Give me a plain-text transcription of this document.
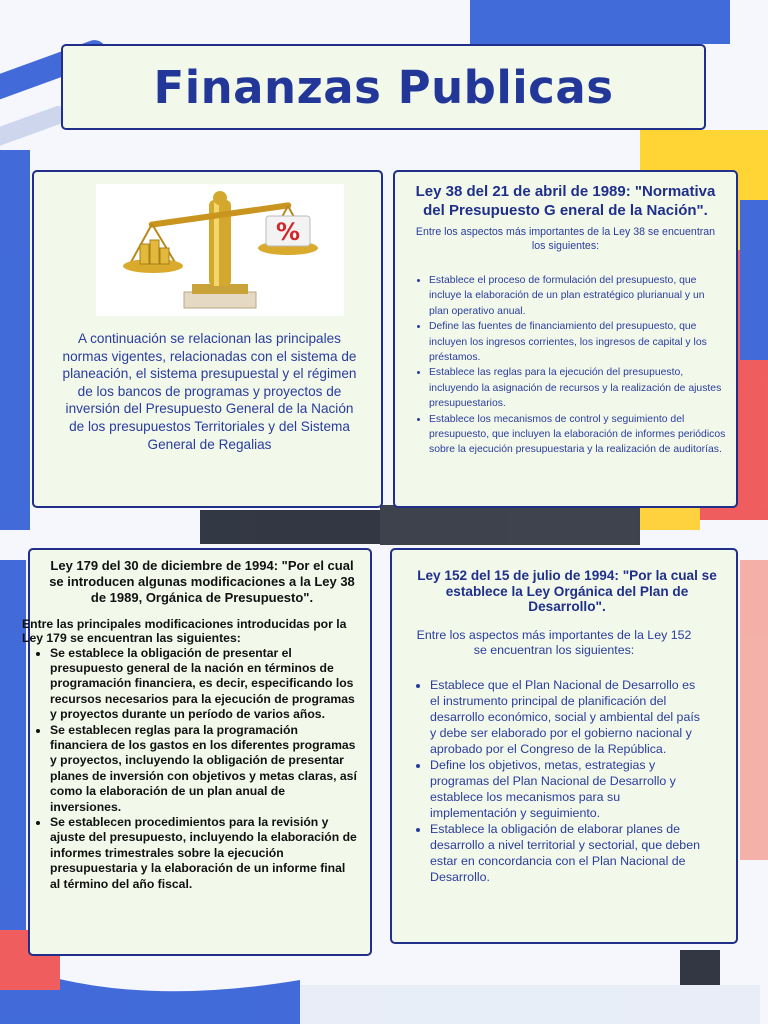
Finanzas Publicas
%
A continuación se relacionan las principales normas vigentes, relacionadas con el sistema de planeación, el sistema presupuestal y el régimen de los bancos de programas y proyectos de inversión del Presupuesto General de la Nación de los presupuestos Territoriales y del Sistema General de Regalias

Ley 38 del 21 de abril de 1989: "Normativa del Presupuesto G eneral de la Nación".

Entre los aspectos más importantes de la Ley 38 se encuentran los siguientes:

• Establece el proceso de formulación del presupuesto, que incluye la elaboración de un plan estratégico plurianual y un plan operativo anual.
• Define las fuentes de financiamiento del presupuesto, que incluyen los ingresos corrientes, los ingresos de capital y los préstamos.
• Establece las reglas para la ejecución del presupuesto, incluyendo la asignación de recursos y la realización de ajustes presupuestarios.
• Establece los mecanismos de control y seguimiento del presupuesto, que incluyen la elaboración de informes periódicos sobre la ejecución presupuestaria y la realización de auditorías.

Ley 179 del 30 de diciembre de 1994: "Por el cual se introducen algunas modificaciones a la Ley 38 de 1989, Orgánica de Presupuesto".

Entre las principales modificaciones introducidas por la Ley 179 se encuentran las siguientes:

• Se establece la obligación de presentar el presupuesto general de la nación en términos de programación financiera, es decir, especificando los recursos necesarios para la ejecución de programas y proyectos durante un período de varios años.
• Se establecen reglas para la programación financiera de los gastos en los diferentes programas y proyectos, incluyendo la obligación de presentar planes de inversión con objetivos y metas claras, así como la elaboración de un plan anual de inversiones.
• Se establecen procedimientos para la revisión y ajuste del presupuesto, incluyendo la elaboración de informes trimestrales sobre la ejecución presupuestaria y la elaboración de un informe final al término del año fiscal.

Ley 152 del 15 de julio de 1994: "Por la cual se establece la Ley Orgánica del Plan de Desarrollo".

Entre los aspectos más importantes de la Ley 152 se encuentran los siguientes:

• Establece que el Plan Nacional de Desarrollo es el instrumento principal de planificación del desarrollo económico, social y ambiental del país y debe ser elaborado por el gobierno nacional y aprobado por el Congreso de la República.
• Define los objetivos, metas, estrategias y programas del Plan Nacional de Desarrollo y establece los mecanismos para su implementación y seguimiento.
• Establece la obligación de elaborar planes de desarrollo a nivel territorial y sectorial, que deben estar en concordancia con el Plan Nacional de Desarrollo.
